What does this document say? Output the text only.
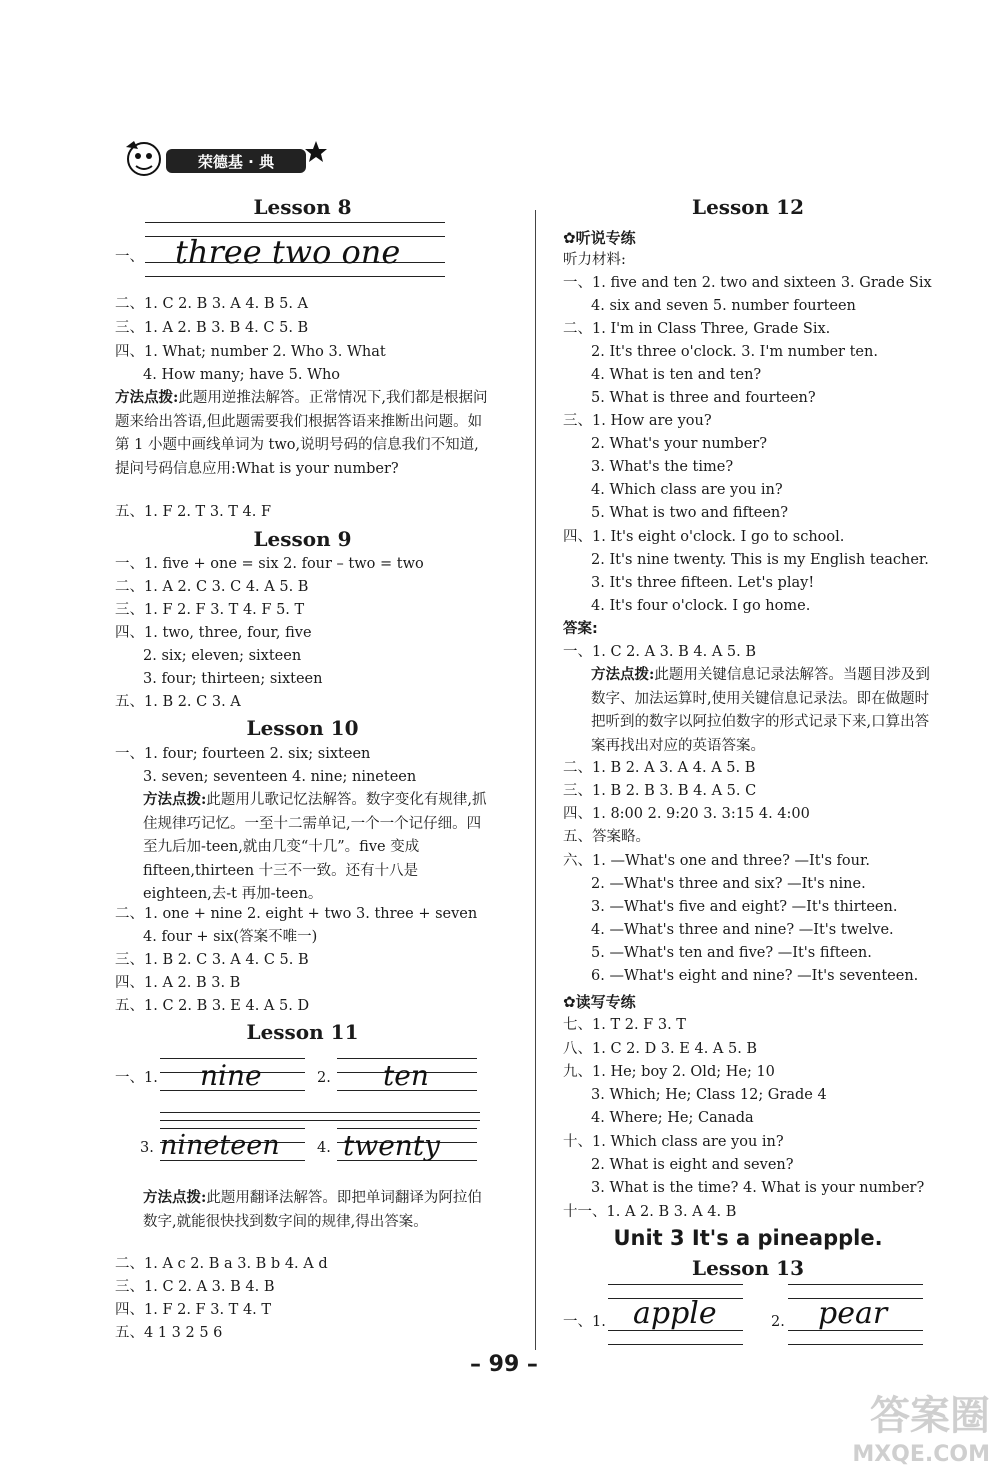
荣德基 · 典
Lesson 8
一、 three two one
二、1. C 2. B 3. A 4. B 5. A
三、1. A 2. B 3. B 4. C 5. B
四、1. What; number 2. Who 3. What
4. How many; have 5. Who
方法点拨:此题用逆推法解答。正常情况下,我们都是根据问题来给出答语,但此题需要我们根据答语来推断出问题。如第 1 小题中画线单词为 two,说明号码的信息我们不知道,提问号码信息应用:What is your number?
五、1. F 2. T 3. T 4. F
Lesson 9
一、1. five + one = six 2. four – two = two
二、1. A 2. C 3. C 4. A 5. B
三、1. F 2. F 3. T 4. F 5. T
四、1. two, three, four, five
2. six; eleven; sixteen
3. four; thirteen; sixteen
五、1. B 2. C 3. A
Lesson 10
一、1. four; fourteen 2. six; sixteen
3. seven; seventeen 4. nine; nineteen
方法点拨:此题用儿歌记忆法解答。数字变化有规律,抓住规律巧记忆。一至十二需单记,一个一个记仔细。四至九后加-teen,就由几变“十几”。five 变成 fifteen,thirteen 十三不一致。还有十八是 eighteen,去-t 再加-teen。
二、1. one + nine 2. eight + two 3. three + seven
4. four + six(答案不唯一)
三、1. B 2. C 3. A 4. C 5. B
四、1. A 2. B 3. B
五、1. C 2. B 3. E 4. A 5. D
Lesson 11
一、1. nine	2. ten
3. nineteen	4. twenty
方法点拨:此题用翻译法解答。即把单词翻译为阿拉伯数字,就能很快找到数字间的规律,得出答案。
二、1. A c 2. B a 3. B b 4. A d
三、1. C 2. A 3. B 4. B
四、1. F 2. F 3. T 4. T
五、4 1 3 2 5 6
Lesson 12
✿听说专练
听力材料:
一、1. five and ten 2. two and sixteen 3. Grade Six
4. six and seven 5. number fourteen
二、1. I'm in Class Three, Grade Six.
2. It's three o'clock. 3. I'm number ten.
4. What is ten and ten?
5. What is three and fourteen?
三、1. How are you?
2. What's your number?
3. What's the time?
4. Which class are you in?
5. What is two and fifteen?
四、1. It's eight o'clock. I go to school.
2. It's nine twenty. This is my English teacher.
3. It's three fifteen. Let's play!
4. It's four o'clock. I go home.
答案:
一、1. C 2. A 3. B 4. A 5. B
方法点拨:此题用关键信息记录法解答。当题目涉及到数字、加法运算时,使用关键信息记录法。即在做题时把听到的数字以阿拉伯数字的形式记录下来,口算出答案再找出对应的英语答案。
二、1. B 2. A 3. A 4. A 5. B
三、1. B 2. B 3. B 4. A 5. C
四、1. 8:00 2. 9:20 3. 3:15 4. 4:00
五、答案略。
六、1. —What's one and three? —It's four.
2. —What's three and six? —It's nine.
3. —What's five and eight? —It's thirteen.
4. —What's three and nine? —It's twelve.
5. —What's ten and five? —It's fifteen.
6. —What's eight and nine? —It's seventeen.
✿读写专练
七、1. T 2. F 3. T
八、1. C 2. D 3. E 4. A 5. B
九、1. He; boy 2. Old; He; 10
3. Which; He; Class 12; Grade 4
4. Where; He; Canada
十、1. Which class are you in?
2. What is eight and seven?
3. What is the time? 4. What is your number?
十一、1. A 2. B 3. A 4. B
Unit 3 It's a pineapple.
Lesson 13
一、1. apple	2. pear
– 99 –
答案圈
MXQE.COM
